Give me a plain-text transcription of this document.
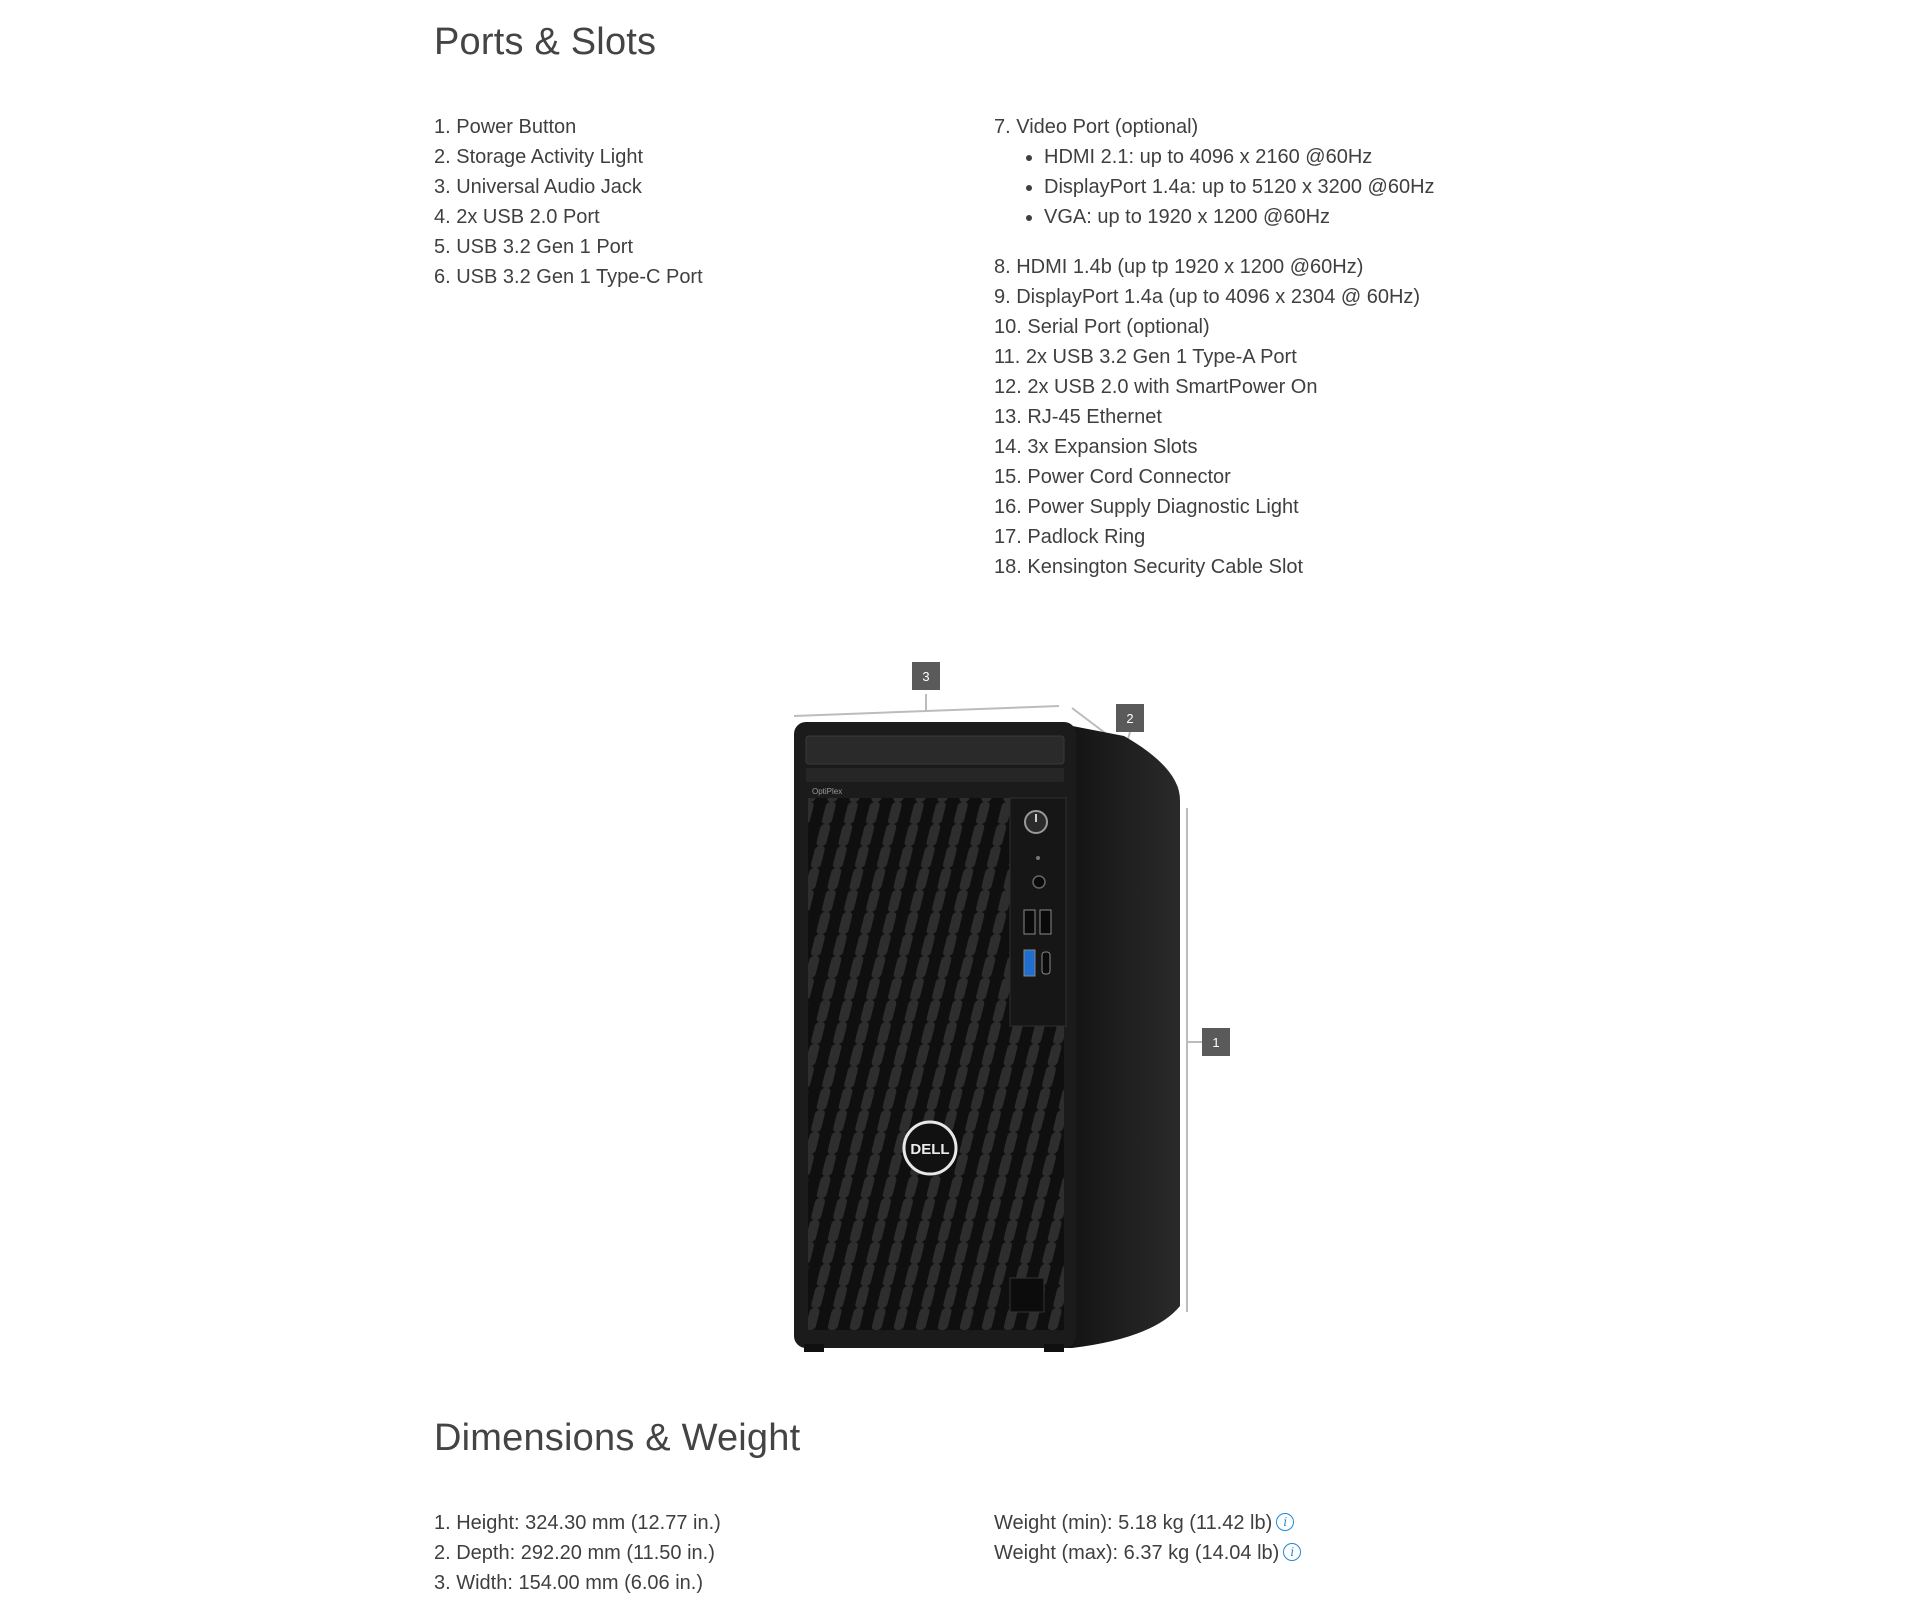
Ports & Slots
1. Power Button
2. Storage Activity Light
3. Universal Audio Jack
4. 2x USB 2.0 Port
5. USB 3.2 Gen 1 Port
6. USB 3.2 Gen 1 Type-C Port
7. Video Port (optional)
• HDMI 2.1: up to 4096 x 2160 @60Hz
• DisplayPort 1.4a: up to 5120 x 3200 @60Hz
• VGA: up to 1920 x 1200 @60Hz
8. HDMI 1.4b (up tp 1920 x 1200 @60Hz)
9. DisplayPort 1.4a (up to 4096 x 2304 @ 60Hz)
10. Serial Port (optional)
11. 2x USB 3.2 Gen 1 Type-A Port
12. 2x USB 2.0 with SmartPower On
13. RJ-45 Ethernet
14. 3x Expansion Slots
15. Power Cord Connector
16. Power Supply Diagnostic Light
17. Padlock Ring
18. Kensington Security Cable Slot
Dimensions & Weight
1. Height: 324.30 mm (12.77 in.)
2. Depth: 292.20 mm (11.50 in.)
3. Width: 154.00 mm (6.06 in.)
Weight (min): 5.18 kg (11.42 lb) i
Weight (max): 6.37 kg (14.04 lb) i
3
2
1
OptiPlex
DELL
